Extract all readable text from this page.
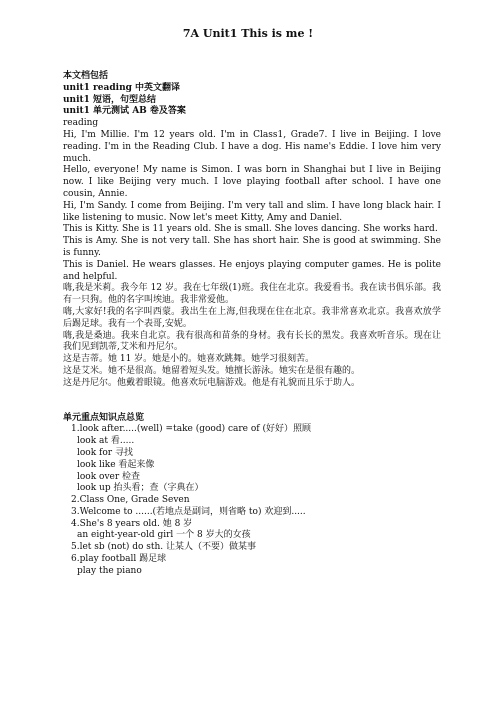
7A Unit1 This is me !

本文档包括

unit1 reading 中英文翻译

unit1 短语，句型总结

unit1 单元测试 AB 卷及答案

reading

Hi, I'm Millie. I'm 12 years old. I'm in Class1, Grade7. I live in Beijing. I love reading. I'm in the Reading Club. I have a dog. His name's Eddie. I love him very much.

Hello, everyone! My name is Simon. I was born in Shanghai but I live in Beijing now. I like Beijing very much. I love playing football after school. I have one cousin, Annie.

Hi, I'm Sandy. I come from Beijing. I'm very tall and slim. I have long black hair. I like listening to music. Now let's meet Kitty, Amy and Daniel.

This is Kitty. She is 11 years old. She is small. She loves dancing. She works hard.

This is Amy. She is not very tall. She has short hair. She is good at swimming. She is funny.

This is Daniel. He wears glasses. He enjoys playing computer games. He is polite and helpful.

嗨,我是米莉。我今年 12 岁。我在七年级(1)班。我住在北京。我爱看书。我在读书俱乐部。我有一只狗。他的名字叫埃迪。我非常爱他。

嗨,大家好!我的名字叫西蒙。我出生在上海,但我现在住在北京。我非常喜欢北京。我喜欢放学后踢足球。我有一个表哥,安妮。

嗨,我是桑迪。我来自北京。我有很高和苗条的身材。我有长长的黑发。我喜欢听音乐。现在让我们见到凯蒂,艾米和丹尼尔。

这是吉蒂。她 11 岁。她是小的。她喜欢跳舞。她学习很刻苦。

这是艾米。她不是很高。她留着短头发。她擅长游泳。她实在是很有趣的。

这是丹尼尔。他戴着眼镜。他喜欢玩电脑游戏。他是有礼貌而且乐于助人。

单元重点知识点总览

1.look after.....(well) =take (good) care of (好好）照顾

look at 看.....

look for 寻找

look like 看起来像

look over 检查

look up 抬头看；查（字典在）

2.Class One, Grade Seven

3.Welcome to ......(若地点是副词，则省略 to) 欢迎到.....

4.She's 8 years old. 她 8 岁

an eight-year-old girl 一个 8 岁大的女孩

5.let sb (not) do sth. 让某人（不要）做某事

6.play football 踢足球

play the piano
